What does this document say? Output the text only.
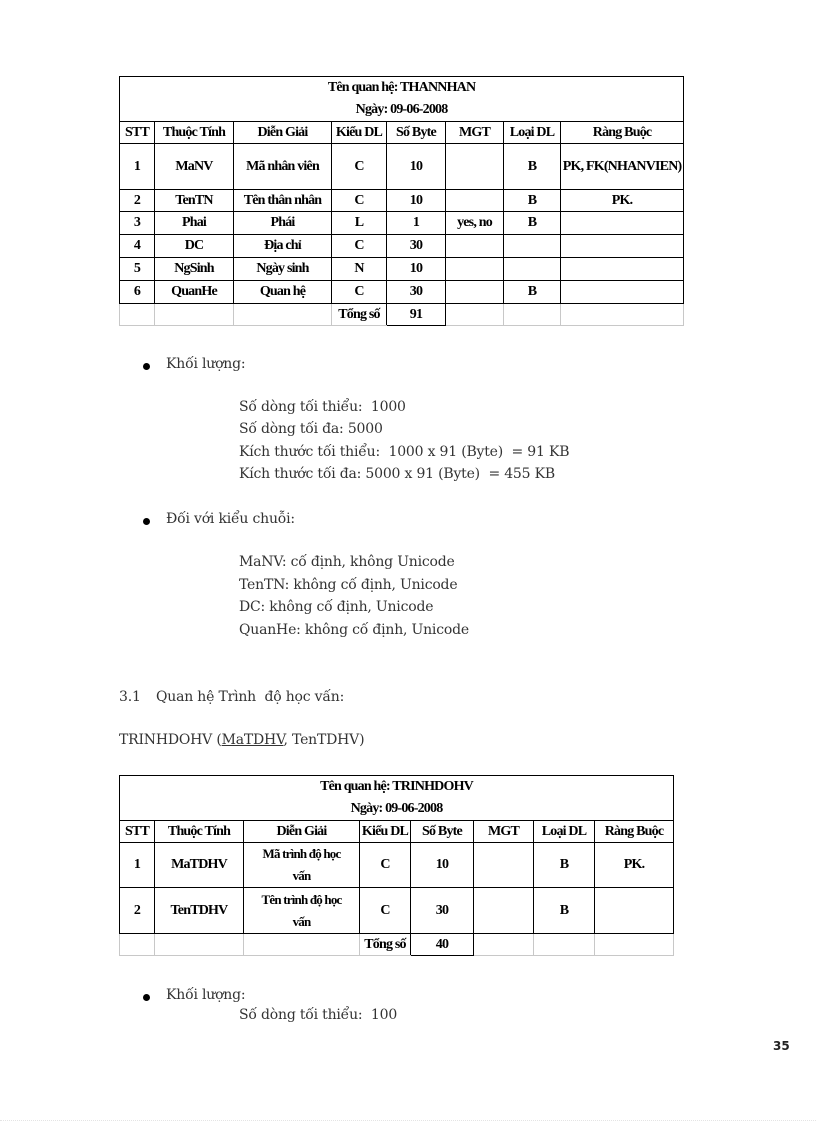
Tên quan hệ: THANNHAN
Ngày: 09-06-2008							

STT	Thuộc Tính	Diễn Giải	Kiểu DL	Số Byte	MGT	Loại DL	Ràng Buộc
1	MaNV	Mã nhân viên	C	10		B	PK, FK(NHANVIEN)
2	TenTN	Tên thân nhân	C	10		B	PK.
3	Phai	Phái	L	1	yes, no	B	
4	DC	Địa chỉ	C	30			
5	NgSinh	Ngày sinh	N	10			
6	QuanHe	Quan hệ	C	30		B	
			Tổng số	91			
Khối lượng:
Số dòng tối thiểu:  1000
Số dòng tối đa: 5000
Kích thước tối thiểu:  1000 x 91 (Byte)  = 91 KB
Kích thước tối đa: 5000 x 91 (Byte)  = 455 KB
Đối với kiểu chuỗi:
MaNV: cố định, không Unicode
TenTN: không cố định, Unicode
DC: không cố định, Unicode
QuanHe: không cố định, Unicode
3.1 Quan hệ Trình  độ học vấn:
TRINHDOHV (MaTDHV, TenTDHV)
Tên quan hệ: TRINHDOHV
Ngày: 09-06-2008							

STT	Thuộc Tính	Diễn Giải	Kiểu DL	Số Byte	MGT	Loại DL	Ràng Buộc
1	MaTDHV	Mã trình độ học vấn	C	10		B	PK.
2	TenTDHV	Tên trình độ học vấn	C	30		B	
			Tổng số	40			
Khối lượng:
Số dòng tối thiểu:  100
35
